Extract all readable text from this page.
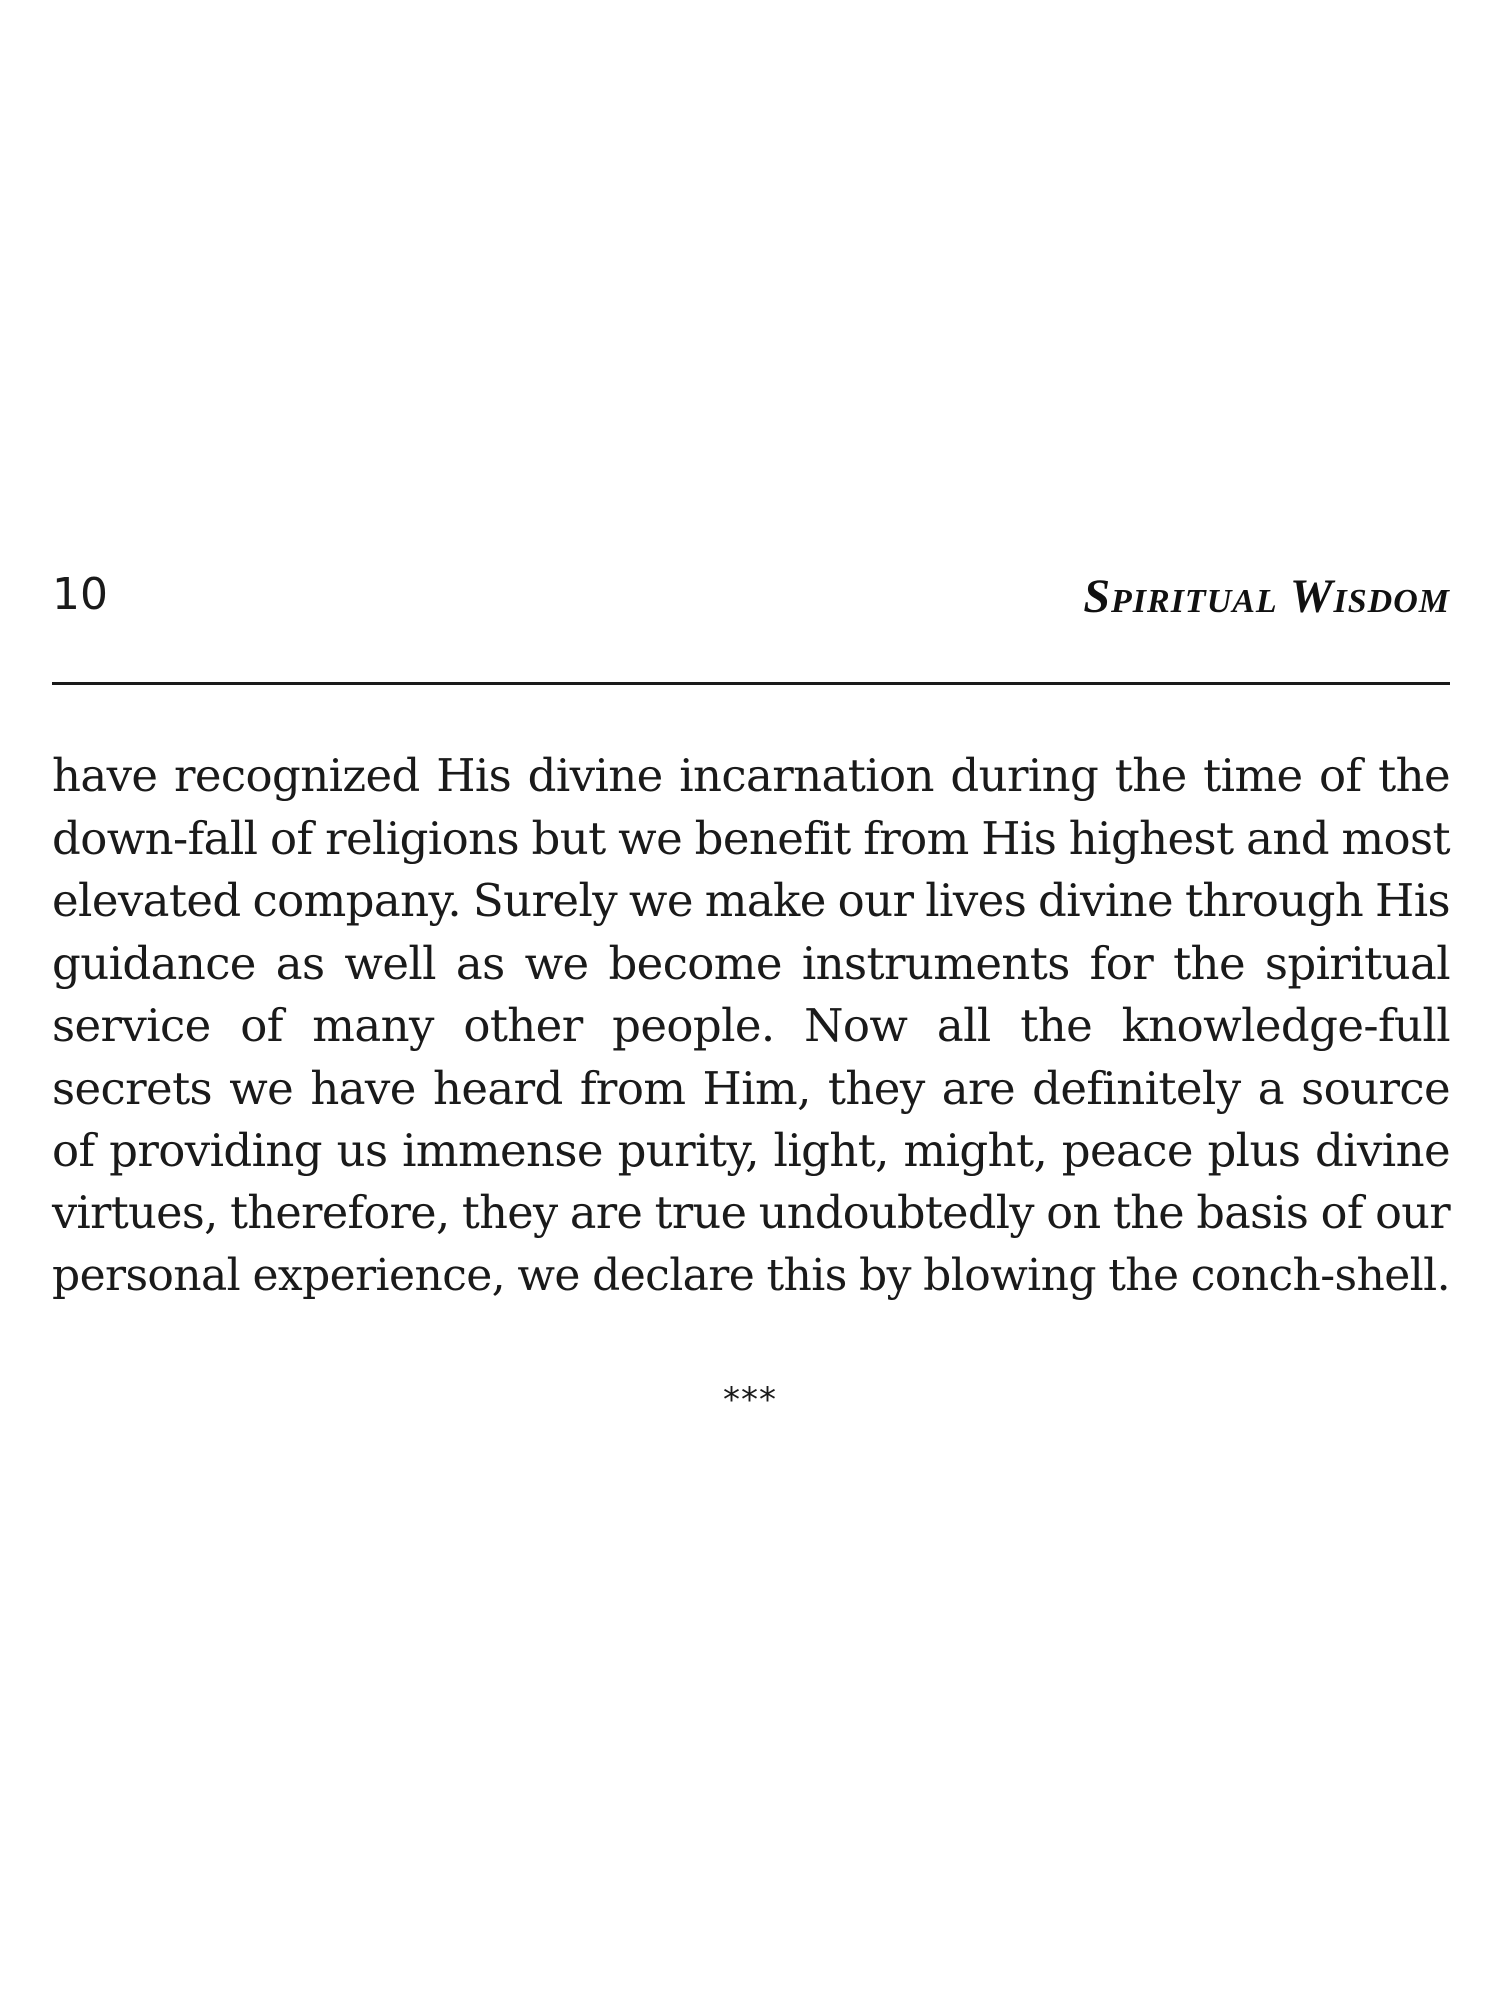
10	Spiritual Wisdom
have recognized His divine incarnation during the time of the
down-fall of religions but we benefit from His highest and most
elevated company. Surely we make our lives divine through His
guidance as well as we become instruments for the spiritual
service of many other people. Now all the knowledge-full
secrets we have heard from Him, they are definitely a source
of providing us immense purity, light, might, peace plus divine
virtues, therefore, they are true undoubtedly on the basis of our
personal experience, we declare this by blowing the conch-shell.
***
